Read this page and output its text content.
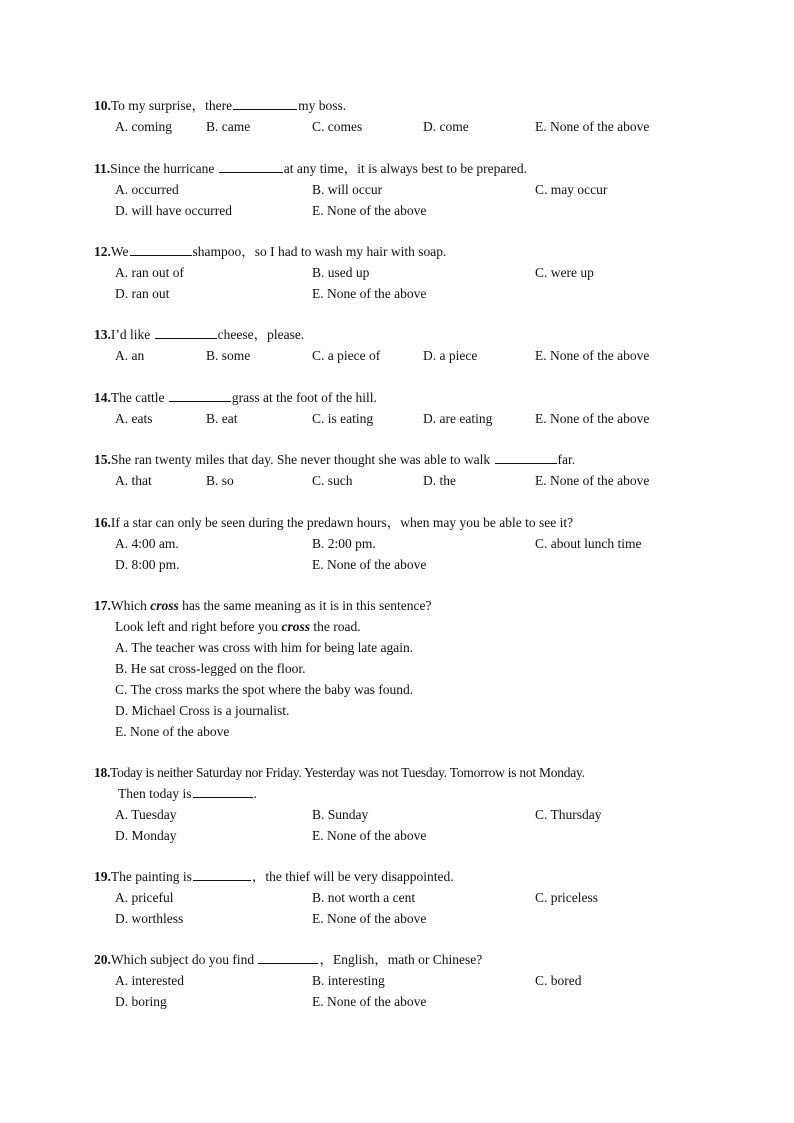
10.To my surprise，there	my boss.
A. coming	B. came	C. comes	D. come	E. None of the above
11.Since the hurricane	at any time，it is always best to be prepared.
A. occurred	B. will occur	C. may occur
D. will have occurred	E. None of the above
12.We	shampoo，so I had to wash my hair with soap.
A. ran out of	B. used up	C. were up
D. ran out	E. None of the above
13.I’d like	cheese，please.
A. an	B. some	C. a piece of	D. a piece	E. None of the above
14.The cattle	grass at the foot of the hill.
A. eats	B. eat	C. is eating	D. are eating	E. None of the above
15.She ran twenty miles that day. She never thought she was able to walk	far.
A. that	B. so	C. such	D. the	E. None of the above
16.If a star can only be seen during the predawn hours，when may you be able to see it?
A. 4:00 am.	B. 2:00 pm.	C. about lunch time
D. 8:00 pm.	E. None of the above
17.Which cross has the same meaning as it is in this sentence?
Look left and right before you cross the road.
A. The teacher was cross with him for being late again.
B. He sat cross-legged on the floor.
C. The cross marks the spot where the baby was found.
D. Michael Cross is a journalist.
E. None of the above
18.Today is neither Saturday nor Friday. Yesterday was not Tuesday. Tomorrow is not Monday.
Then today is	.
A. Tuesday	B. Sunday	C. Thursday
D. Monday	E. None of the above
19.The painting is	，the thief will be very disappointed.
A. priceful	B. not worth a cent	C. priceless
D. worthless	E. None of the above
20.Which subject do you find	，English，math or Chinese?
A. interested	B. interesting	C. bored
D. boring	E. None of the above
